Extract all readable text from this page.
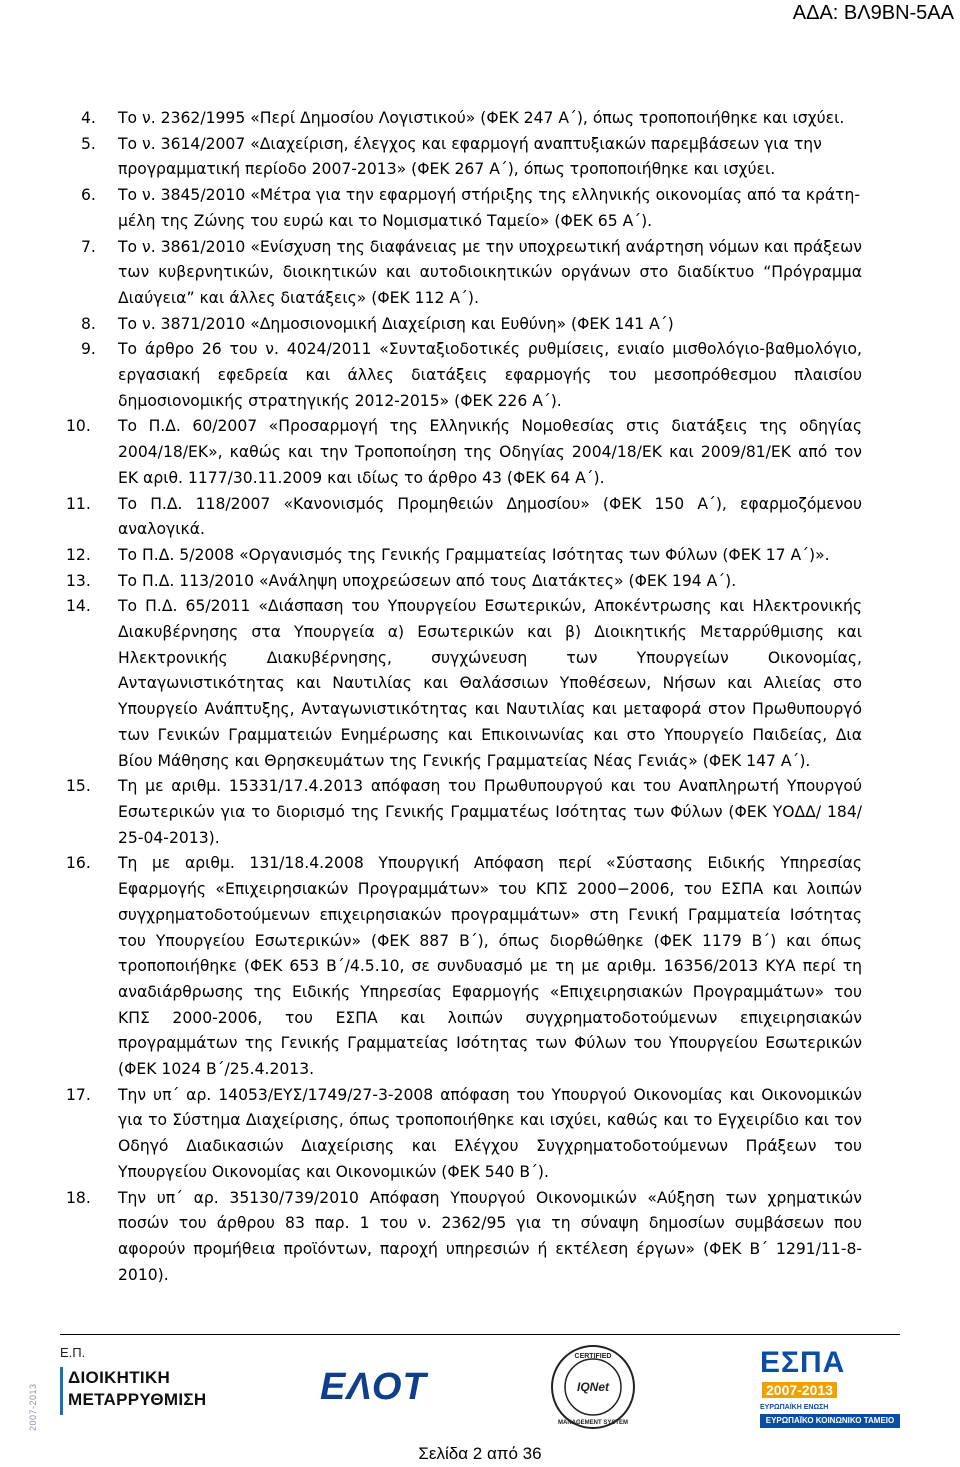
ΑΔΑ: ΒΛ9ΒΝ-5ΑΑ
4. Το ν. 2362/1995 «Περί Δημοσίου Λογιστικού» (ΦΕΚ 247 Α΄), όπως τροποποιήθηκε και ισχύει.
5. Το ν. 3614/2007 «Διαχείριση, έλεγχος και εφαρμογή αναπτυξιακών παρεμβάσεων για την προγραμματική περίοδο 2007-2013» (ΦΕΚ 267 Α΄), όπως τροποποιήθηκε και ισχύει.
6. Το ν. 3845/2010 «Μέτρα για την εφαρμογή στήριξης της ελληνικής οικονομίας από τα κράτη- μέλη της Ζώνης του ευρώ και το Νομισματικό Ταμείο» (ΦΕΚ 65 Α΄).
7. Το ν. 3861/2010 «Ενίσχυση της διαφάνειας με την υποχρεωτική ανάρτηση νόμων και πράξεων των κυβερνητικών, διοικητικών και αυτοδιοικητικών οργάνων στο διαδίκτυο “Πρόγραμμα Διαύγεια” και άλλες διατάξεις» (ΦΕΚ 112 Α΄).
8. Το ν. 3871/2010 «Δημοσιονομική Διαχείριση και Ευθύνη» (ΦΕΚ 141 Α΄)
9. Το άρθρο 26 του ν. 4024/2011 «Συνταξιοδοτικές ρυθμίσεις, ενιαίο μισθολόγιο-βαθμολόγιο, εργασιακή εφεδρεία και άλλες διατάξεις εφαρμογής του μεσοπρόθεσμου πλαισίου δημοσιονομικής στρατηγικής 2012-2015» (ΦΕΚ 226 Α΄).
10. Το Π.Δ. 60/2007 «Προσαρμογή της Ελληνικής Νομοθεσίας στις διατάξεις της οδηγίας 2004/18/ΕΚ», καθώς και την Τροποποίηση της Οδηγίας 2004/18/ΕΚ και 2009/81/ΕΚ από τον ΕΚ αριθ. 1177/30.11.2009 και ιδίως το άρθρο 43 (ΦΕΚ 64 Α΄).
11. Το Π.Δ. 118/2007 «Κανονισμός Προμηθειών Δημοσίου» (ΦΕΚ 150 Α΄), εφαρμοζόμενου αναλογικά.
12. Το Π.Δ. 5/2008 «Οργανισμός της Γενικής Γραμματείας Ισότητας των Φύλων (ΦΕΚ 17 Α΄)».
13. Το Π.Δ. 113/2010 «Ανάληψη υποχρεώσεων από τους Διατάκτες» (ΦΕΚ 194 Α΄).
14. Το Π.Δ. 65/2011 «Διάσπαση του Υπουργείου Εσωτερικών, Αποκέντρωσης και Ηλεκτρονικής Διακυβέρνησης στα Υπουργεία α) Εσωτερικών και β) Διοικητικής Μεταρρύθμισης και Ηλεκτρονικής Διακυβέρνησης, συγχώνευση των Υπουργείων Οικονομίας, Ανταγωνιστικότητας και Ναυτιλίας και Θαλάσσιων Υποθέσεων, Νήσων και Αλιείας στο Υπουργείο Ανάπτυξης, Ανταγωνιστικότητας και Ναυτιλίας και μεταφορά στον Πρωθυπουργό των Γενικών Γραμματειών Ενημέρωσης και Επικοινωνίας και στο Υπουργείο Παιδείας, Δια Βίου Μάθησης και Θρησκευμάτων της Γενικής Γραμματείας Νέας Γενιάς» (ΦΕΚ 147 Α΄).
15. Τη με αριθμ. 15331/17.4.2013 απόφαση του Πρωθυπουργού και του Αναπληρωτή Υπουργού Εσωτερικών για το διορισμό της Γενικής Γραμματέως Ισότητας των Φύλων (ΦΕΚ ΥΟΔΔ/ 184/ 25-04-2013).
16. Τη με αριθμ. 131/18.4.2008 Υπουργική Απόφαση περί «Σύστασης Ειδικής Υπηρεσίας Εφαρμογής «Επιχειρησιακών Προγραμμάτων» του ΚΠΣ 2000−2006, του ΕΣΠΑ και λοιπών συγχρηματοδοτούμενων επιχειρησιακών προγραμμάτων» στη Γενική Γραμματεία Ισότητας του Υπουργείου Εσωτερικών» (ΦΕΚ 887 Β΄), όπως διορθώθηκε (ΦΕΚ 1179 Β΄) και όπως τροποποιήθηκε (ΦΕΚ 653 Β΄/4.5.10, σε συνδυασμό με τη με αριθμ. 16356/2013 ΚΥΑ περί τη αναδιάρθρωσης της Ειδικής Υπηρεσίας Εφαρμογής «Επιχειρησιακών Προγραμμάτων» του ΚΠΣ 2000-2006, του ΕΣΠΑ και λοιπών συγχρηματοδοτούμενων επιχειρησιακών προγραμμάτων της Γενικής Γραμματείας Ισότητας των Φύλων του Υπουργείου Εσωτερικών (ΦΕΚ 1024 Β΄/25.4.2013.
17. Την υπ΄ αρ. 14053/ΕΥΣ/1749/27-3-2008 απόφαση του Υπουργού Οικονομίας και Οικονομικών για το Σύστημα Διαχείρισης, όπως τροποποιήθηκε και ισχύει, καθώς και το Εγχειρίδιο και τον Οδηγό Διαδικασιών Διαχείρισης και Ελέγχου Συγχρηματοδοτούμενων Πράξεων του Υπουργείου Οικονομίας και Οικονομικών (ΦΕΚ 540 Β΄).
18. Την υπ΄ αρ. 35130/739/2010 Απόφαση Υπουργού Οικονομικών «Αύξηση των χρηματικών ποσών του άρθρου 83 παρ. 1 του ν. 2362/95 για τη σύναψη δημοσίων συμβάσεων που αφορούν προμήθεια προϊόντων, παροχή υπηρεσιών ή εκτέλεση έργων» (ΦΕΚ Β΄ 1291/11-8-2010).
2007-2013
Ε.Π.
ΔΙΟΙΚΗΤΙΚΗ
ΜΕΤΑΡΡΥΘΜΙΣΗ	ΕΛΟΤ
CERTIFIED
IQNet
MANAGEMENT SYSTEM
ΕΣΠΑ
2007-2013
ΕΥΡΩΠΑΪΚΗ ΕΝΩΣΗ
ΕΥΡΩΠΑΪΚΟ ΚΟΙΝΩΝΙΚΟ ΤΑΜΕΙΟ
Σελίδα 2 από 36
